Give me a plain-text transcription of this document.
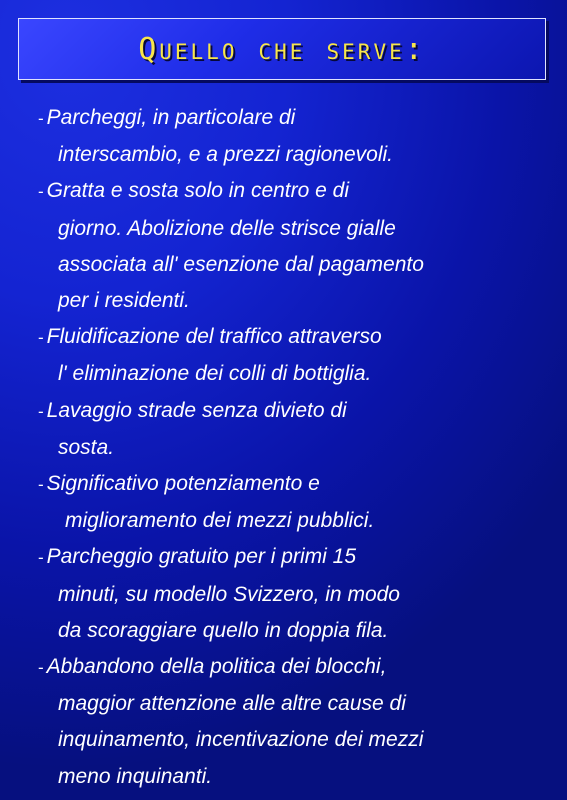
Quello che serve:
- Parcheggi, in particolare di
interscambio, e a prezzi ragionevoli.
- Gratta e sosta solo in centro e di
giorno. Abolizione delle strisce gialle
associata all' esenzione dal pagamento
per i residenti.
- Fluidificazione del traffico attraverso
l' eliminazione dei colli di bottiglia.
- Lavaggio strade senza divieto di
sosta.
- Significativo potenziamento e
miglioramento dei mezzi pubblici.
- Parcheggio gratuito per i primi 15
minuti, su modello Svizzero, in modo
da scoraggiare quello in doppia fila.
- Abbandono della politica dei blocchi,
maggior attenzione alle altre cause di
inquinamento, incentivazione dei mezzi
meno inquinanti.
